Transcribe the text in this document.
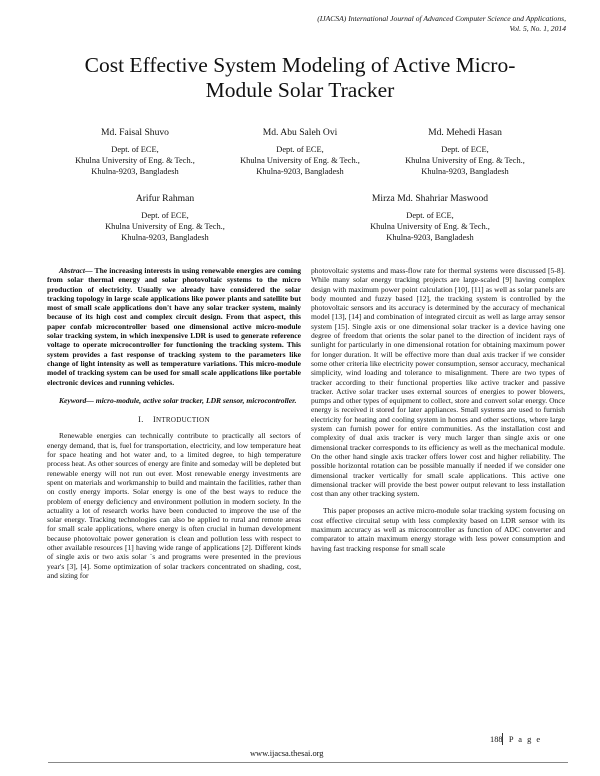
(IJACSA) International Journal of Advanced Computer Science and Applications,
Vol. 5, No. 1, 2014
Cost Effective System Modeling of Active Micro-
Module Solar Tracker
Md. Faisal Shuvo
Dept. of ECE,
Khulna University of Eng. & Tech.,
Khulna-9203, Bangladesh
Md. Abu Saleh Ovi
Dept. of ECE,
Khulna University of Eng. & Tech.,
Khulna-9203, Bangladesh
Md. Mehedi Hasan
Dept. of ECE,
Khulna University of Eng. & Tech.,
Khulna-9203, Bangladesh
Arifur Rahman
Dept. of ECE,
Khulna University of Eng. & Tech.,
Khulna-9203, Bangladesh
Mirza Md. Shahriar Maswood
Dept. of ECE,
Khulna University of Eng. & Tech.,
Khulna-9203, Bangladesh

Abstract— The increasing interests in using renewable energies are coming from solar thermal energy and solar photovoltaic systems to the micro production of electricity. Usually we already have considered the solar tracking topology in large scale applications like power plants and satellite but most of small scale applications don't have any solar tracker system, mainly because of its high cost and complex circuit design. From that aspect, this paper confab microcontroller based one dimensional active micro-module solar tracking system, in which inexpensive LDR is used to generate reference voltage to operate microcontroller for functioning the tracking system. This system provides a fast response of tracking system to the parameters like change of light intensity as well as temperature variations. This micro-module model of tracking system can be used for small scale applications like portable electronic devices and running vehicles.

Keyword— micro-module, active solar tracker, LDR sensor, microcontroller.

I. INTRODUCTION

Renewable energies can technically contribute to practically all sectors of energy demand, that is, fuel for transportation, electricity, and low temperature heat for space heating and hot water and, to a limited degree, to high temperature process heat. As other sources of energy are finite and someday will be depleted but renewable energy will not run out ever. Most renewable energy investments are spent on materials and workmanship to build and maintain the facilities, rather than on costly energy imports. Solar energy is one of the best ways to reduce the problem of energy deficiency and environment pollution in modern society. In the actuality a lot of research works have been conducted to improve the use of the solar energy. Tracking technologies can also be applied to rural and remote areas for small scale applications, where energy is often crucial in human development because photovoltaic power generation is clean and pollution less with respect to other available resources [1] having wide range of applications [2]. Different kinds of single axis or two axis solar `s and programs were presented in the previous year's [3], [4]. Some optimization of solar trackers concentrated on shading, cost, and sizing for

photovoltaic systems and mass-flow rate for thermal systems were discussed [5-8]. While many solar energy tracking projects are large-scaled [9] having complex design with maximum power point calculation [10], [11] as well as solar panels are body mounted and fuzzy based [12], the tracking system is controlled by the photovoltaic sensors and its accuracy is determined by the accuracy of mechanical model [13], [14] and combination of integrated circuit as well as large array sensor system [15]. Single axis or one dimensional solar tracker is a device having one degree of freedom that orients the solar panel to the direction of incident rays of sunlight for particularly in one dimensional rotation for obtaining maximum power for longer duration. It will be effective more than dual axis tracker if we consider some other criteria like electricity power consumption, sensor accuracy, mechanical simplicity, wind loading and tolerance to misalignment. There are two types of tracker according to their functional properties like active tracker and passive tracker. Active solar tracker uses external sources of energies to power blowers, pumps and other types of equipment to collect, store and convert solar energy. Once energy is received it stored for later appliances. Small systems are used to furnish electricity for heating and cooling system in homes and other sections, where large system can furnish power for entire communities. As the installation cost and complexity of dual axis tracker is very much larger than single axis or one dimensional tracker corresponds to its efficiency as well as the mechanical module. On the other hand single axis tracker offers lower cost and higher reliability. The possible horizontal rotation can be possible manually if needed if we consider one dimensional tracker vertically for small scale applications. This active one dimensional tracker will provide the best power output relevant to less installation cost than any other tracking system.

This paper proposes an active micro-module solar tracking system focusing on cost effective circuital setup with less complexity based on LDR sensor with its maximum accuracy as well as microcontroller as function of ADC converter and comparator to attain maximum energy storage with less power consumption and having fast tracking response for small scale

188 P a g e
www.ijacsa.thesai.org
